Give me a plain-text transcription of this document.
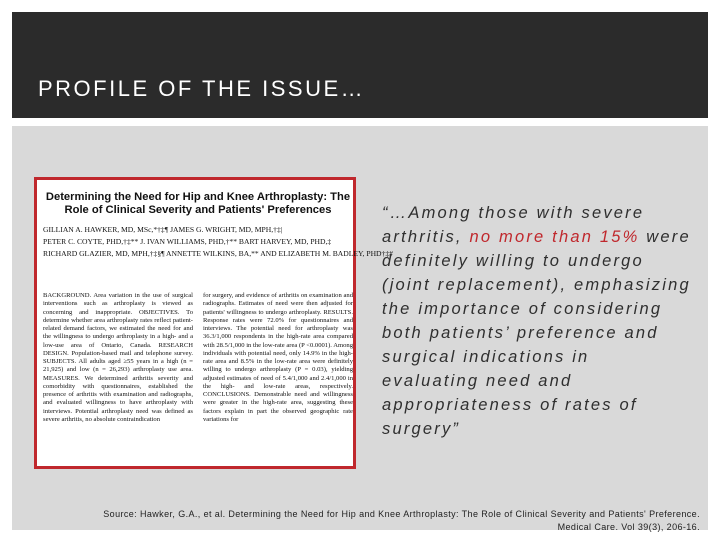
PROFILE OF THE ISSUE…
Determining the Need for Hip and Knee Arthroplasty: The Role of Clinical Severity and Patients' Preferences
GILLIAN A. HAWKER, MD, MSc,*†‡¶ JAMES G. WRIGHT, MD, MPH,†‡|
PETER C. COYTE, PHD,†‡** J. IVAN WILLIAMS, PHD,†** BART HARVEY, MD, PHD,‡
RICHARD GLAZIER, MD, MPH,†‡§¶ ANNETTE WILKINS, BA,** AND ELIZABETH M. BADLEY, PHD†‡#
BACKGROUND. Area variation in the use of surgical interventions such as arthroplasty is viewed as concerning and inappropriate. OBJECTIVES. To determine whether area arthroplasty rates reflect patient-related demand factors, we estimated the need for and the willingness to undergo arthroplasty in a high- and a low-use area of Ontario, Canada. RESEARCH DESIGN. Population-based mail and telephone survey. SUBJECTS. All adults aged ≥55 years in a high (n = 21,925) and low (n = 26,293) arthroplasty use area. MEASURES. We determined arthritis severity and comorbidity with questionnaires, established the presence of arthritis with examination and radiographs, and evaluated willingness to have arthroplasty with interviews. Potential arthroplasty need was defined as severe arthritis, no absolute contraindication
for surgery, and evidence of arthritis on examination and radiographs. Estimates of need were then adjusted for patients' willingness to undergo arthroplasty. RESULTS. Response rates were 72.0% for questionnaires and interviews. The potential need for arthroplasty was 36.3/1,000 respondents in the high-rate area compared with 28.5/1,000 in the low-rate area (P <0.0001). Among individuals with potential need, only 14.9% in the high-rate area and 8.5% in the low-rate area were definitely willing to undergo arthroplasty (P = 0.03), yielding adjusted estimates of need of 5.4/1,000 and 2.4/1,000 in the high- and low-rate areas, respectively. CONCLUSIONS. Demonstrable need and willingness were greater in the high-rate area, suggesting these factors explain in part the observed geographic rate variations for
“…Among those with severe arthritis, no more than 15% were definitely willing to undergo (joint replacement), emphasizing the importance of considering both patients’ preference and surgical indications in evaluating need and appropriateness of rates of surgery”
Source: Hawker, G.A., et al. Determining the Need for Hip and Knee Arthroplasty: The Role of Clinical Severity and Patients' Preference.
Medical Care. Vol 39(3), 206-16.
